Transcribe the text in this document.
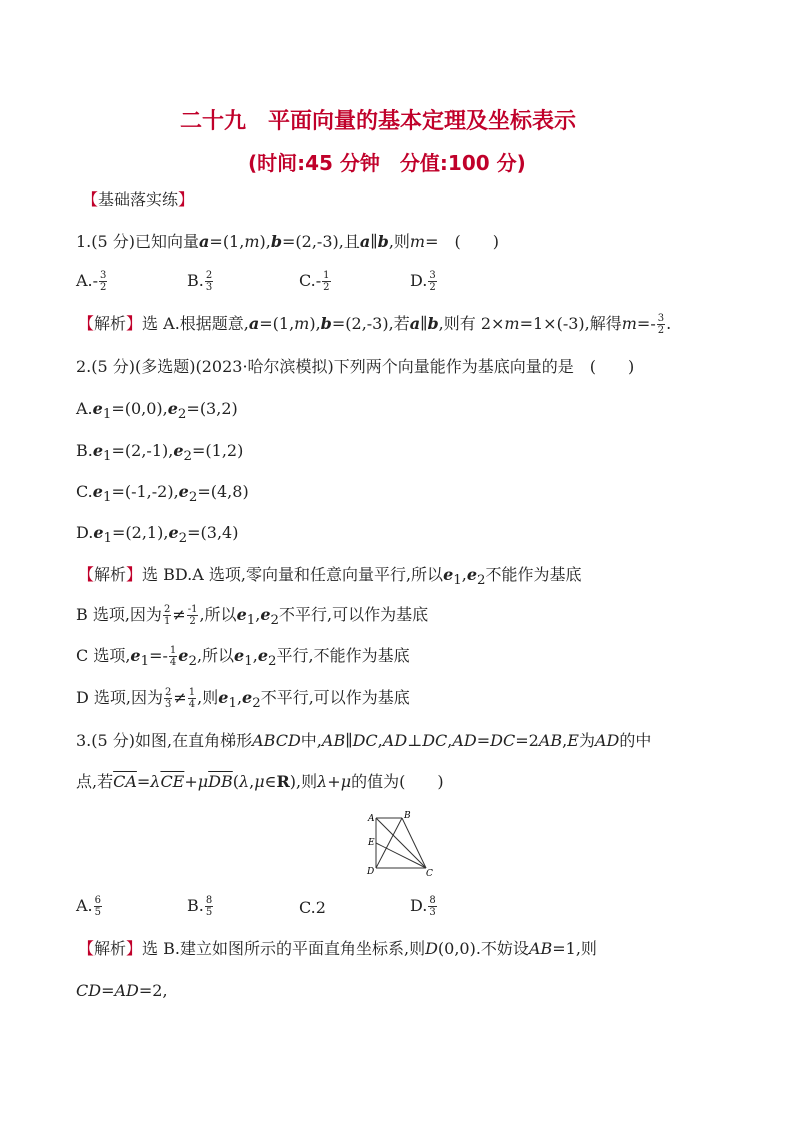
二十九　平面向量的基本定理及坐标表示
(时间:45 分钟　分值:100 分)
【基础落实练】
1.(5 分)已知向量a=(1,m),b=(2,-3),且a∥b,则m=　(　　)
$A.- \frac{3}{2}$	B. $\frac{2}{3}$	$C.- \frac{1}{2}$	D. $\frac{3}{2}$
【解析】选 A.根据题意,a=(1,m),b=(2,-3),若a∥b,则有 2×m=1×(-3),解得$m=- \frac{3}{2}$ .
2.(5 分)(多选题)(2023·哈尔滨模拟)下列两个向量能作为基底向量的是　(　　)
$A.e_1=(0,0),e_2=(3,2)$
$B.e_1=(2,-1),e_2=(1,2)$
$C.e_1=(-1,-2),e_2=(4,8)$
$D.e_1=(2,1),e_2=(3,4)$
【解析】选 BD.A 选项,零向量和任意向量平行,所以$e_1,e_2$不能作为基底
B 选项,因为 $\frac{2}{1} \ne \frac{-1}{2}$ ,所以$e_1,e_2$不平行,可以作为基底
C 选项$,e_1=- \frac{1}{4} e_2$,所以$e_1,e_2$平行,不能作为基底
D 选项,因为 $\frac{2}{3} \ne \frac{1}{4}$ ,则$e_1,e_2$不平行,可以作为基底
3.(5 分)如图,在直角梯形ABCD中,AB∥DC,AD⊥DC,AD=DC=2AB,E为AD的中
点,若$\overline{CA}=\lambda\overline{CE}+\mu\overline{DB}(\lambda,\mu\in R)$,则λ+μ的值为(　　)
A	B
E
D	C
A. $\frac{6}{5}$	B. $\frac{8}{5}$	C.2	D. $\frac{8}{3}$
【解析】选 B.建立如图所示的平面直角坐标系,则D(0,0).不妨设AB=1,则
CD=AD=2,
